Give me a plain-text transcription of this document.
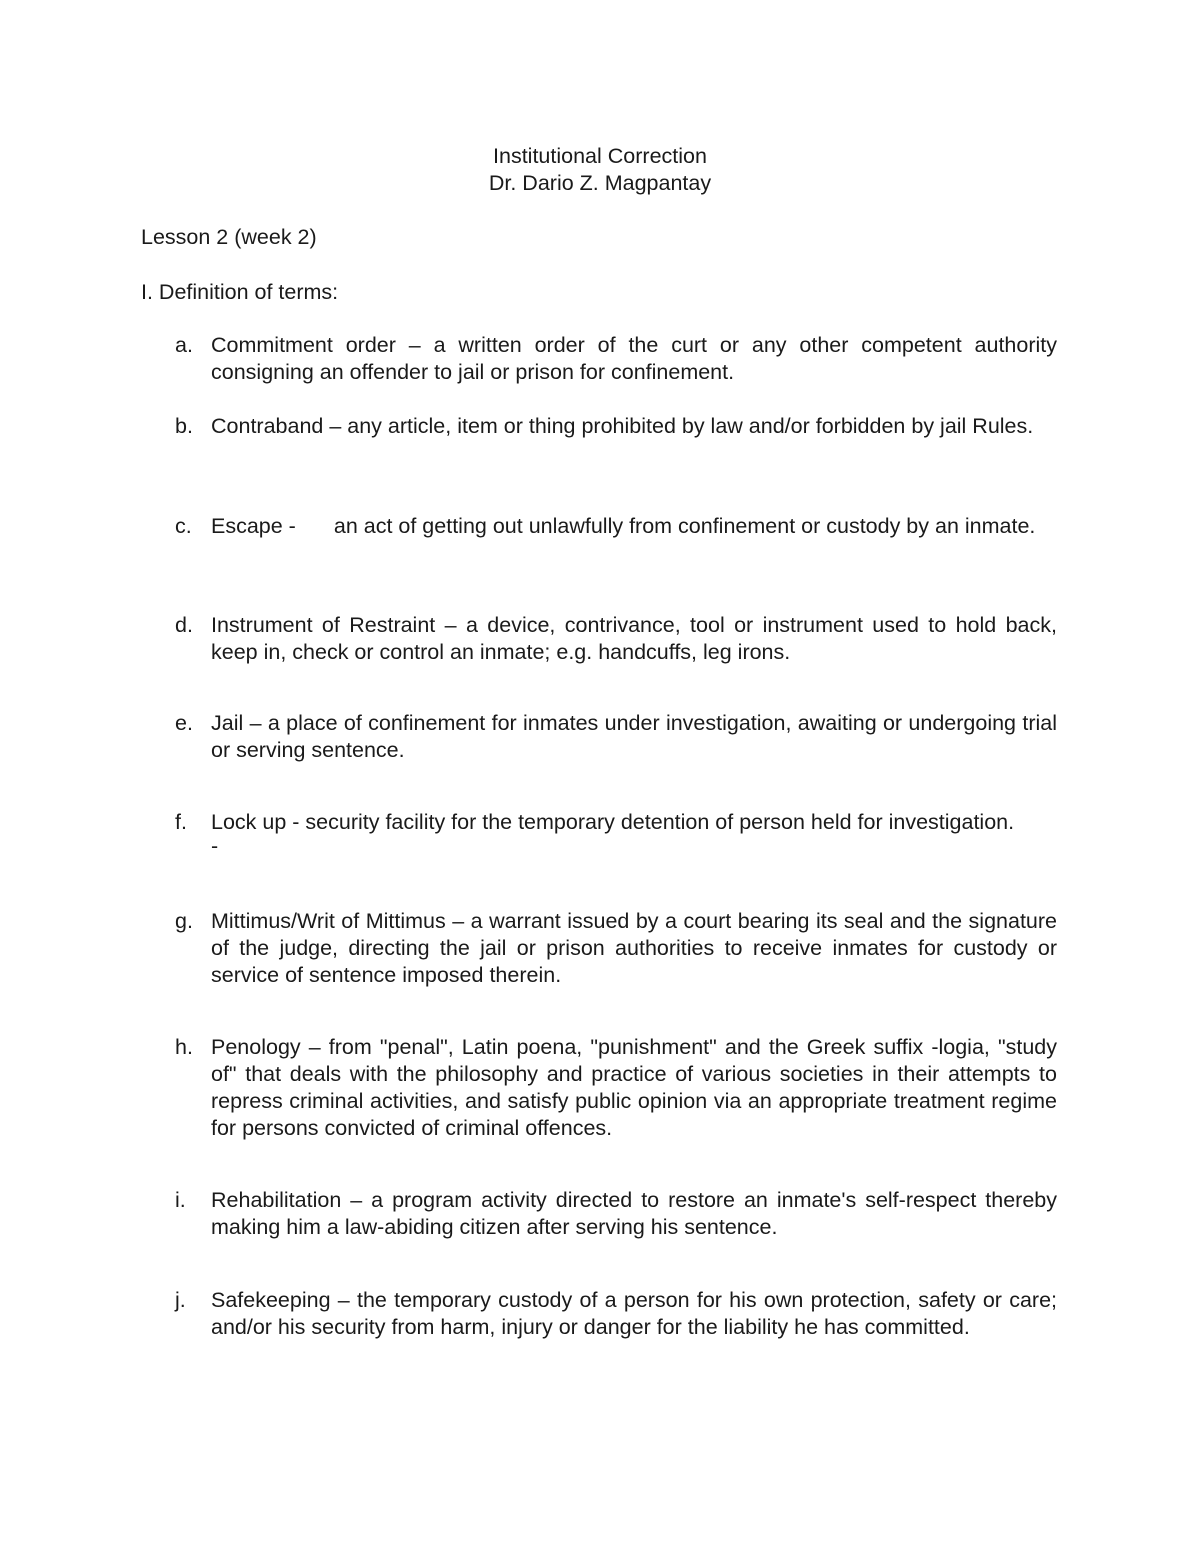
Institutional Correction
Dr. Dario Z. Magpantay
Lesson 2 (week 2)
I. Definition of terms:
a. Commitment order – a written order of the curt or any other competent authority consigning an offender to jail or prison for confinement.
b. Contraband – any article, item or thing prohibited by law and/or forbidden by jail Rules.
c. Escape - an act of getting out unlawfully from confinement or custody by an inmate.
d. Instrument of Restraint – a device, contrivance, tool or instrument used to hold back, keep in, check or control an inmate; e.g. handcuffs, leg irons.
e. Jail – a place of confinement for inmates under investigation, awaiting or undergoing trial or serving sentence.
f.	Lock up - security facility for the temporary detention of person held for investigation.
-
g. Mittimus/Writ of Mittimus – a warrant issued by a court bearing its seal and the signature of the judge, directing the jail or prison authorities to receive inmates for custody or service of sentence imposed therein.
h. Penology – from "penal", Latin poena, "punishment" and the Greek suffix -logia, "study of" that deals with the philosophy and practice of various societies in their attempts to repress criminal activities, and satisfy public opinion via an appropriate treatment regime for persons convicted of criminal offences.
i.	Rehabilitation – a program activity directed to restore an inmate's self-respect thereby making him a law-abiding citizen after serving his sentence.
j.	Safekeeping – the temporary custody of a person for his own protection, safety or care; and/or his security from harm, injury or danger for the liability he has committed.
